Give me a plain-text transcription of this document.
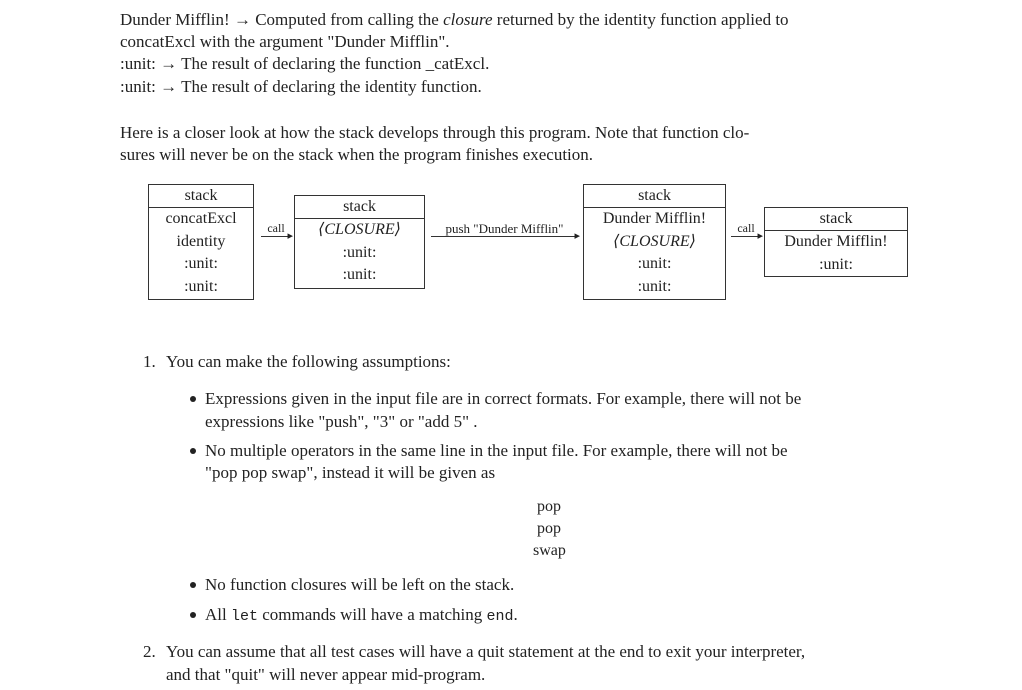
Dunder Mifflin! → Computed from calling the closure returned by the identity function applied to
concatExcl with the argument "Dunder Mifflin".
:unit: → The result of declaring the function _catExcl.
:unit: → The result of declaring the identity function.
Here is a closer look at how the stack develops through this program. Note that function clo-
sures will never be on the stack when the program finishes execution.
stack
concatExcl
identity
:unit:
:unit:
call
▸
stack
⟨CLOSURE⟩
:unit:
:unit:
push "Dunder Mifflin" ▸
stack
Dunder Mifflin!
⟨CLOSURE⟩
:unit:
:unit:
call
▸
stack
Dunder Mifflin!
:unit:
1. You can make the following assumptions:
Expressions given in the input file are in correct formats. For example, there will not be
expressions like "push", "3" or "add 5" .
No multiple operators in the same line in the input file. For example, there will not be
"pop pop swap", instead it will be given as
pop
pop
swap
No function closures will be left on the stack.
All let commands will have a matching end.
2. You can assume that all test cases will have a quit statement at the end to exit your interpreter,
and that "quit" will never appear mid-program.
